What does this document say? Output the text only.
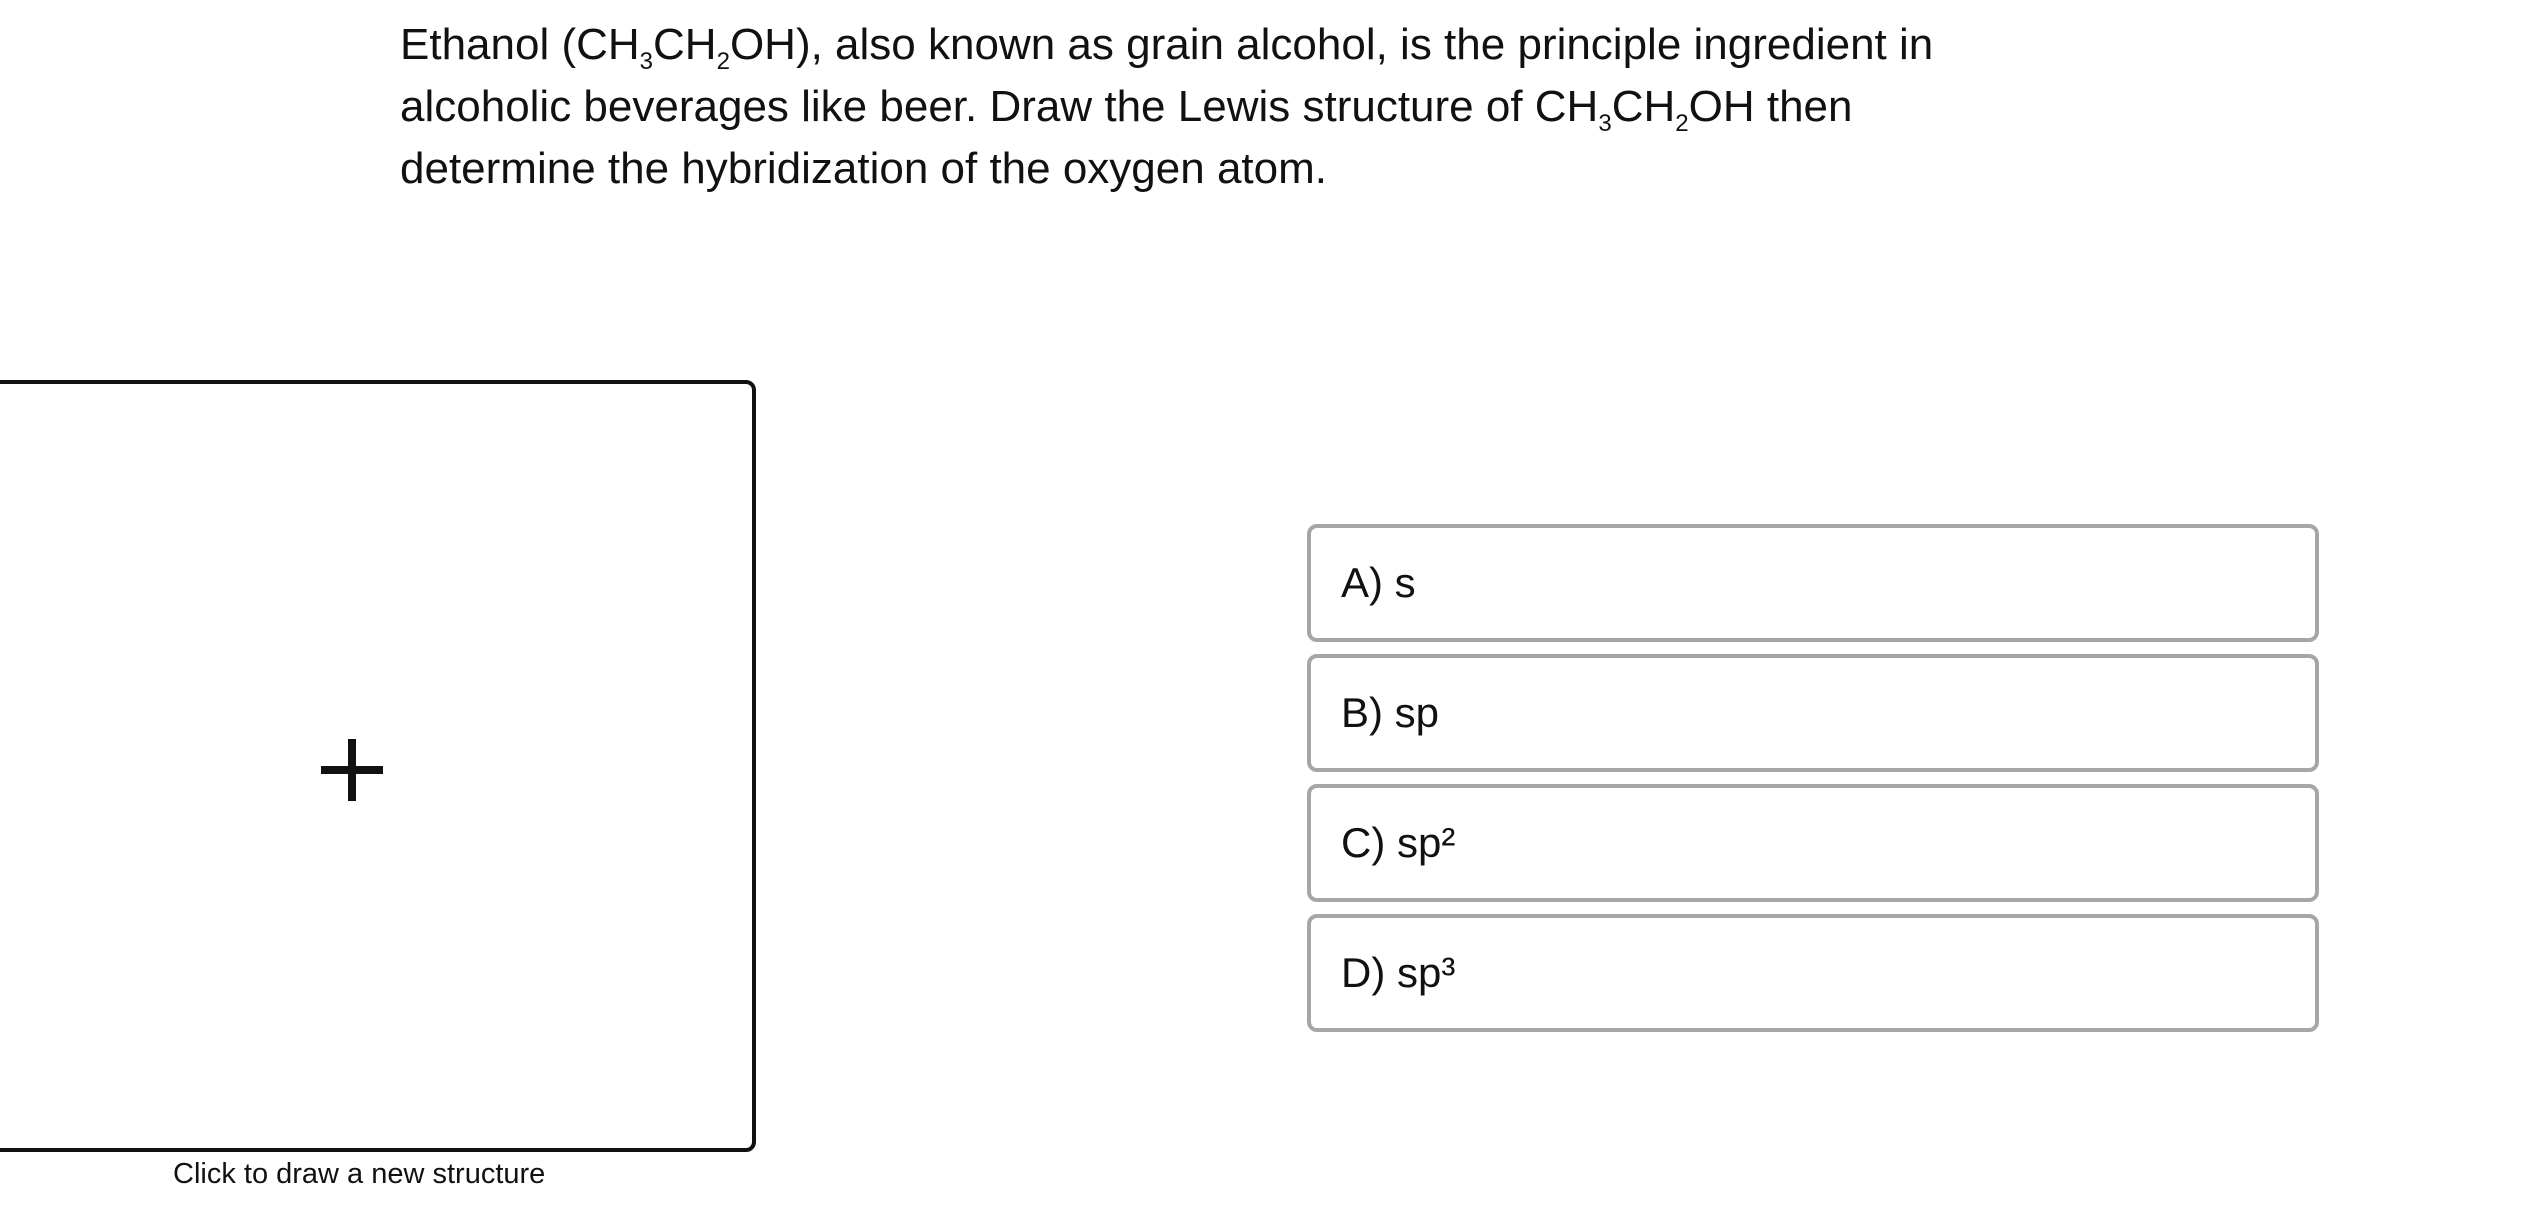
Ethanol $(CH_3CH_2OH)$, also known as grain alcohol, is the principle ingredient in alcoholic beverages like beer. Draw the Lewis structure of $CH_3CH_2OH$ then determine the hybridization of the oxygen atom.
Click to draw a new structure
A) s
B) sp
C) sp²
D) sp³
